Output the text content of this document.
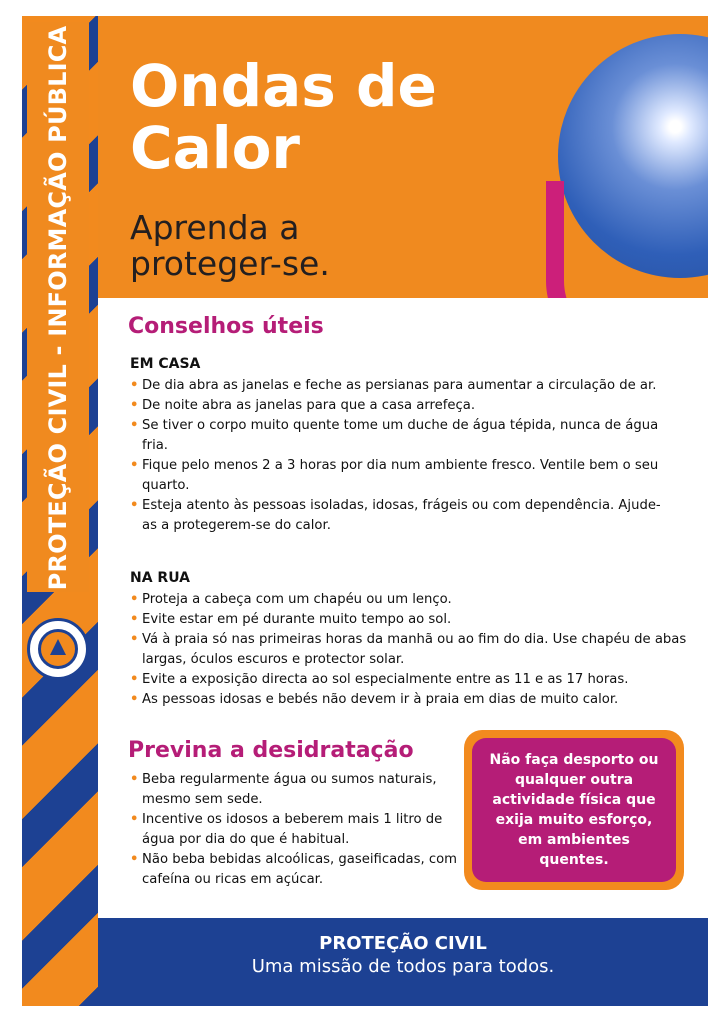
PROTEÇÃO CIVIL - INFORMAÇÃO PÚBLICA Ondas de
Calor
Aprenda a
proteger-se.
Conselhos úteis
EM CASA
• De dia abra as janelas e feche as persianas para aumentar a circulação de ar.
• De noite abra as janelas para que a casa arrefeça.
• Se tiver o corpo muito quente tome um duche de água tépida, nunca de água fria.
• Fique pelo menos 2 a 3 horas por dia num ambiente fresco. Ventile bem o seu quarto.
• Esteja atento às pessoas isoladas, idosas, frágeis ou com dependência. Ajude-as a protegerem-se do calor.
NA RUA
• Proteja a cabeça com um chapéu ou um lenço.
• Evite estar em pé durante muito tempo ao sol.
• Vá à praia só nas primeiras horas da manhã ou ao fim do dia. Use chapéu de abas largas, óculos escuros e protector solar.
• Evite a exposição directa ao sol especialmente entre as 11 e as 17 horas.
• As pessoas idosas e bebés não devem ir à praia em dias de muito calor.
Previna a desidratação
• Beba regularmente água ou sumos naturais, mesmo sem sede.
• Incentive os idosos a beberem mais 1 litro de água por dia do que é habitual.
• Não beba bebidas alcoólicas, gaseificadas, com cafeína ou ricas em açúcar.
Não faça desporto ou qualquer outra actividade física que exija muito esforço, em ambientes quentes.
PROTEÇÃO CIVIL
Uma missão de todos para todos.
